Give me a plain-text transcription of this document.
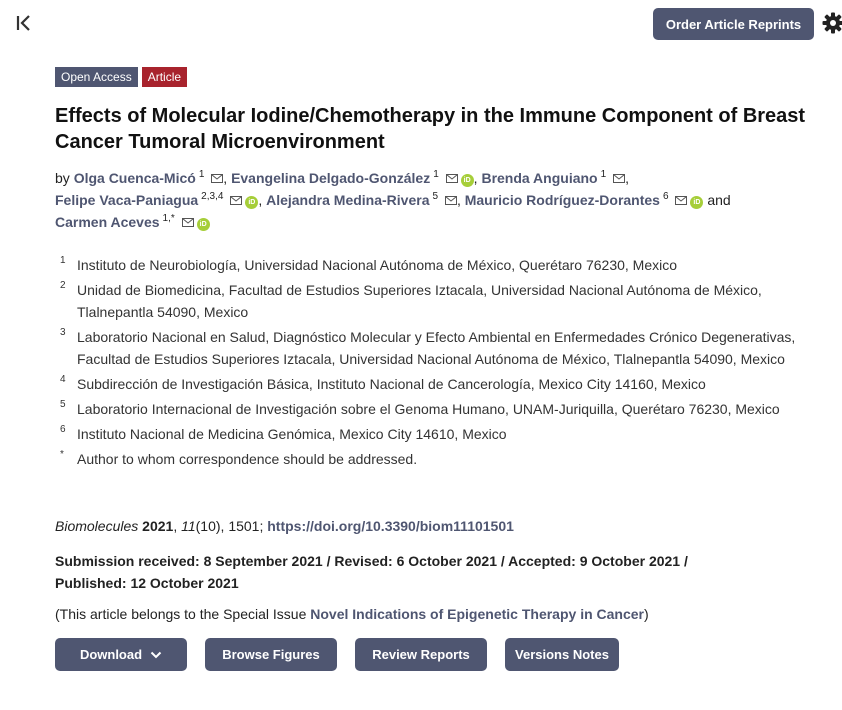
Order Article Reprints
Open Access	Article
Effects of Molecular Iodine/Chemotherapy in the Immune Component of Breast Cancer Tumoral Microenvironment
by Olga Cuenca-Micó $^1$ , Evangelina Delgado-González $^1$ iD , Brenda Anguiano $^1$ ,
Felipe Vaca-Paniagua $^{2,3,4}$ iD , Alejandra Medina-Rivera $^5$ , Mauricio Rodríguez-Dorantes $^6$ iD and
Carmen Aceves $^{1,*}$ iD
1 Instituto de Neurobiología, Universidad Nacional Autónoma de México, Querétaro 76230, Mexico
2 Unidad de Biomedicina, Facultad de Estudios Superiores Iztacala, Universidad Nacional Autónoma de México, Tlalnepantla 54090, Mexico
3 Laboratorio Nacional en Salud, Diagnóstico Molecular y Efecto Ambiental en Enfermedades Crónico Degenerativas, Facultad de Estudios Superiores Iztacala, Universidad Nacional Autónoma de México, Tlalnepantla 54090, Mexico
4 Subdirección de Investigación Básica, Instituto Nacional de Cancerología, Mexico City 14160, Mexico
5 Laboratorio Internacional de Investigación sobre el Genoma Humano, UNAM-Juriquilla, Querétaro 76230, Mexico
6 Instituto Nacional de Medicina Genómica, Mexico City 14610, Mexico
* Author to whom correspondence should be addressed.
Biomolecules 2021, 11(10), 1501; https://doi.org/10.3390/biom11101501
Submission received: 8 September 2021 / Revised: 6 October 2021 / Accepted: 9 October 2021 / Published: 12 October 2021
(This article belongs to the Special Issue Novel Indications of Epigenetic Therapy in Cancer)
Download	Browse Figures	Review Reports	Versions Notes
